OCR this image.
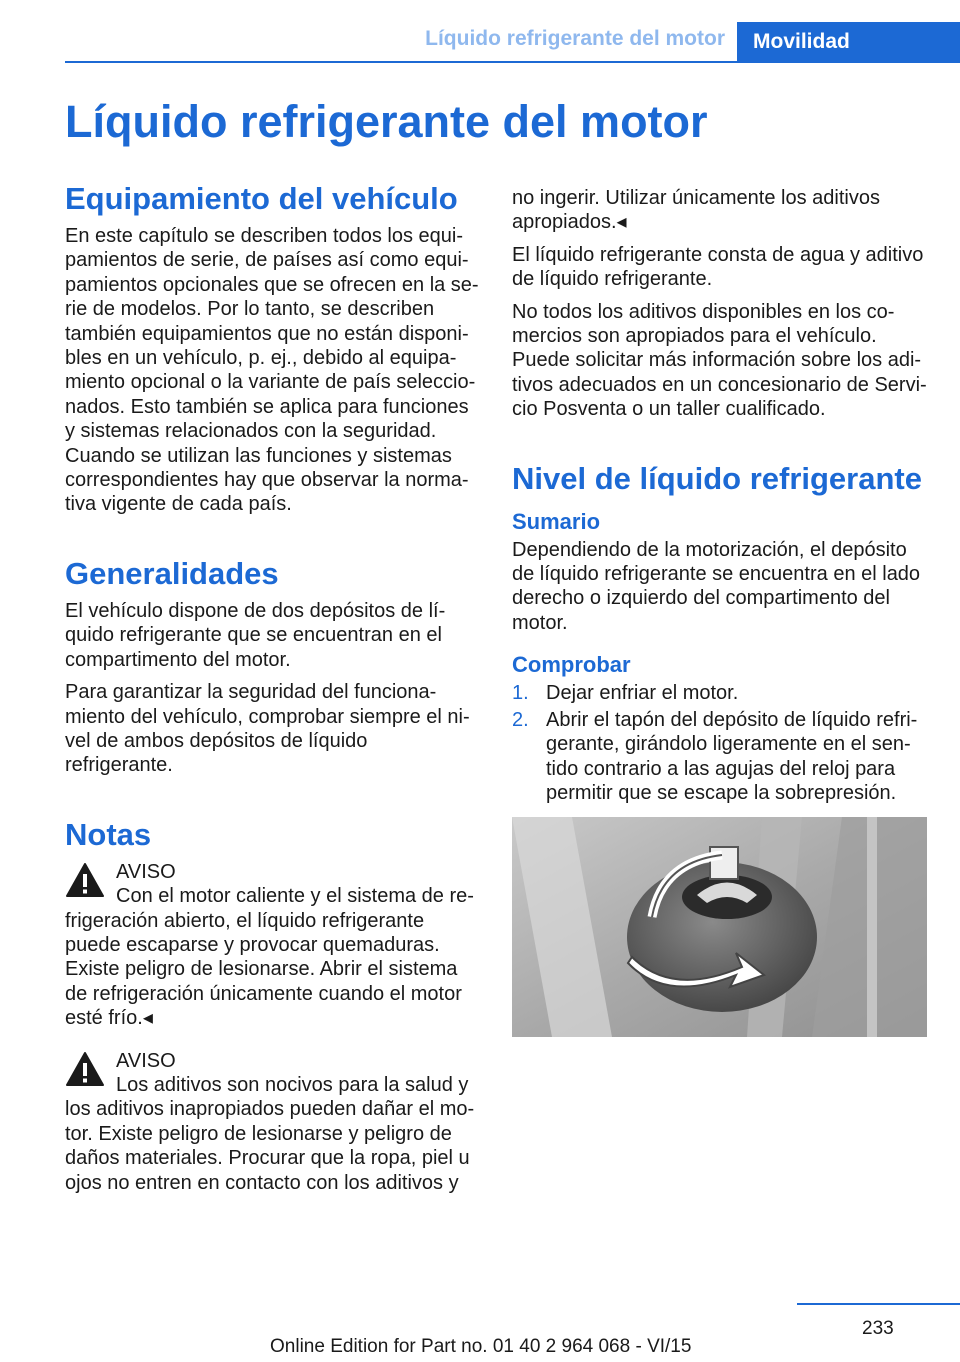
Líquido refrigerante del motor	Movilidad
Líquido refrigerante del motor
Equipamiento del vehículo

En este capítulo se describen todos los equi‐pamientos de serie, de países así como equi‐pamientos opcionales que se ofrecen en la se‐rie de modelos. Por lo tanto, se describen también equipamientos que no están disponi‐bles en un vehículo, p. ej., debido al equipa‐miento opcional o la variante de país seleccio‐nados. Esto también se aplica para funciones y sistemas relacionados con la seguridad. Cuando se utilizan las funciones y sistemas correspondientes hay que observar la norma‐tiva vigente de cada país.

Generalidades

El vehículo dispone de dos depósitos de lí‐quido refrigerante que se encuentran en el compartimento del motor.

Para garantizar la seguridad del funciona‐miento del vehículo, comprobar siempre el ni‐vel de ambos depósitos de líquido refrigerante.

Notas
AVISO
Con el motor caliente y el sistema de re‐frigeración abierto, el líquido refrigerante puede escaparse y provocar quemaduras. Existe peligro de lesionarse. Abrir el sistema de refrigeración únicamente cuando el motor esté frío.◂
AVISO
Los aditivos son nocivos para la salud y los aditivos inapropiados pueden dañar el mo‐tor. Existe peligro de lesionarse y peligro de daños materiales. Procurar que la ropa, piel u ojos no entren en contacto con los aditivos y

no ingerir. Utilizar únicamente los aditivos apropiados.◂

El líquido refrigerante consta de agua y aditivo de líquido refrigerante.

No todos los aditivos disponibles en los co‐mercios son apropiados para el vehículo. Puede solicitar más información sobre los adi‐tivos adecuados en un concesionario de Servi‐cio Posventa o un taller cualificado.

Nivel de líquido refrigerante
Sumario

Dependiendo de la motorización, el depósito de líquido refrigerante se encuentra en el lado derecho o izquierdo del compartimento del motor.

Comprobar
1. Dejar enfriar el motor.
2. Abrir el tapón del depósito de líquido refri‐gerante, girándolo ligeramente en el sen‐tido contrario a las agujas del reloj para permitir que se escape la sobrepresión.
233
Online Edition for Part no. 01 40 2 964 068 - VI/15
